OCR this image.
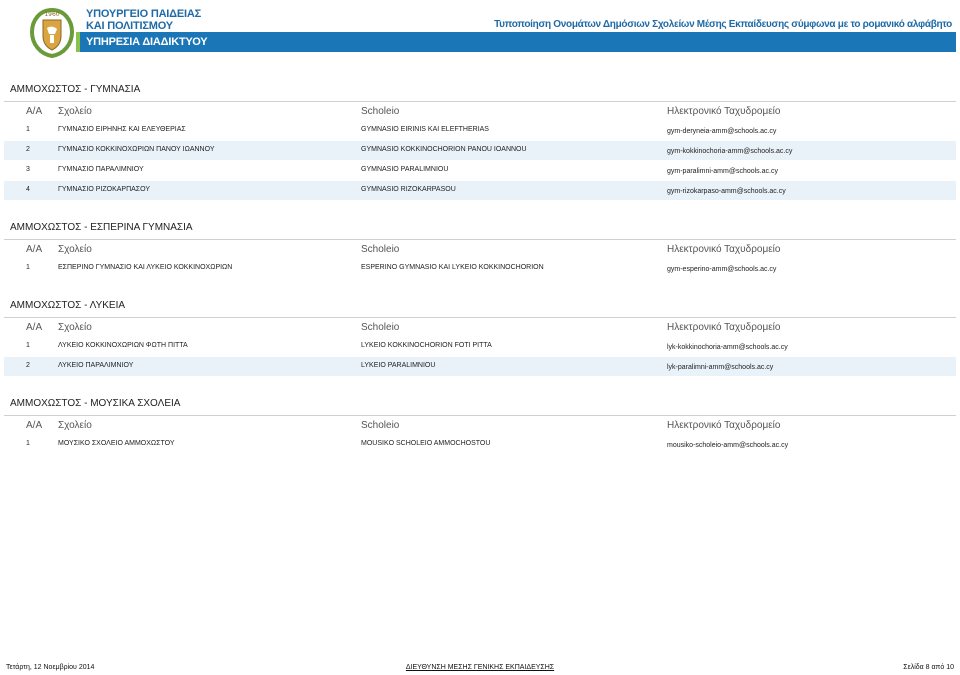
1960 ΥΠΟΥΡΓΕΙΟ ΠΑΙΔΕΙΑΣ
ΚΑΙ ΠΟΛΙΤΙΣΜΟΥ
ΥΠΗΡΕΣΙΑ ΔΙΑΔΙΚΤΥΟΥ
Τυποποίηση Ονομάτων Δημόσιων Σχολείων Μέσης Εκπαίδευσης σύμφωνα με το ρομανικό αλφάβητο
ΑΜΜΟΧΩΣΤΟΣ - ΓΥΜΝΑΣΙΑ
Α/Α Σχολείο	Scholeio	Ηλεκτρονικό Ταχυδρομείο
1	ΓΥΜΝΑΣΙΟ ΕΙΡΗΝΗΣ ΚΑΙ ΕΛΕΥΘΕΡΙΑΣ	GYMNASIO EIRINIS KAI ELEFTHERIAS	gym-deryneia-amm@schools.ac.cy
2	ΓΥΜΝΑΣΙΟ ΚΟΚΚΙΝΟΧΩΡΙΩΝ ΠΑΝΟΥ ΙΩΑΝΝΟΥ	GYMNASIO KOKKINOCHORION PANOU IOANNOU	gym-kokkinochoria-amm@schools.ac.cy
3	ΓΥΜΝΑΣΙΟ ΠΑΡΑΛΙΜΝΙΟΥ	GYMNASIO PARALIMNIOU	gym-paralimni-amm@schools.ac.cy
4	ΓΥΜΝΑΣΙΟ ΡΙΖΟΚΑΡΠΑΣΟΥ	GYMNASIO RIZOKARPASOU	gym-rizokarpaso-amm@schools.ac.cy
ΑΜΜΟΧΩΣΤΟΣ - ΕΣΠΕΡΙΝΑ ΓΥΜΝΑΣΙΑ
Α/Α Σχολείο	Scholeio	Ηλεκτρονικό Ταχυδρομείο
1	ΕΣΠΕΡΙΝΟ ΓΥΜΝΑΣΙΟ ΚΑΙ ΛΥΚΕΙΟ ΚΟΚΚΙΝΟΧΩΡΙΩΝ	ESPERINO GYMNASIO KAI LYKEIO KOKKINOCHORION	gym-esperino-amm@schools.ac.cy
ΑΜΜΟΧΩΣΤΟΣ - ΛΥΚΕΙΑ
Α/Α Σχολείο	Scholeio	Ηλεκτρονικό Ταχυδρομείο
1	ΛΥΚΕΙΟ ΚΟΚΚΙΝΟΧΩΡΙΩΝ ΦΩΤΗ ΠΙΤΤΑ	LYKEIO KOKKINOCHORION FOTI PITTA	lyk-kokkinochoria-amm@schools.ac.cy
2	ΛΥΚΕΙΟ ΠΑΡΑΛΙΜΝΙΟΥ	LYKEIO PARALIMNIOU	lyk-paralimni-amm@schools.ac.cy
ΑΜΜΟΧΩΣΤΟΣ - ΜΟΥΣΙΚΑ ΣΧΟΛΕΙΑ
Α/Α Σχολείο	Scholeio	Ηλεκτρονικό Ταχυδρομείο
1	ΜΟΥΣΙΚΟ ΣΧΟΛΕΙΟ ΑΜΜΟΧΩΣΤΟΥ	MOUSIKO SCHOLEIO AMMOCHOSTOU	mousiko-scholeio-amm@schools.ac.cy
Τετάρτη, 12 Νοεμβρίου 2014	ΔΙΕΥΘΥΝΣΗ ΜΕΣΗΣ ΓΕΝΙΚΗΣ ΕΚΠΑΙΔΕΥΣΗΣ	Σελίδα 8 από 10
